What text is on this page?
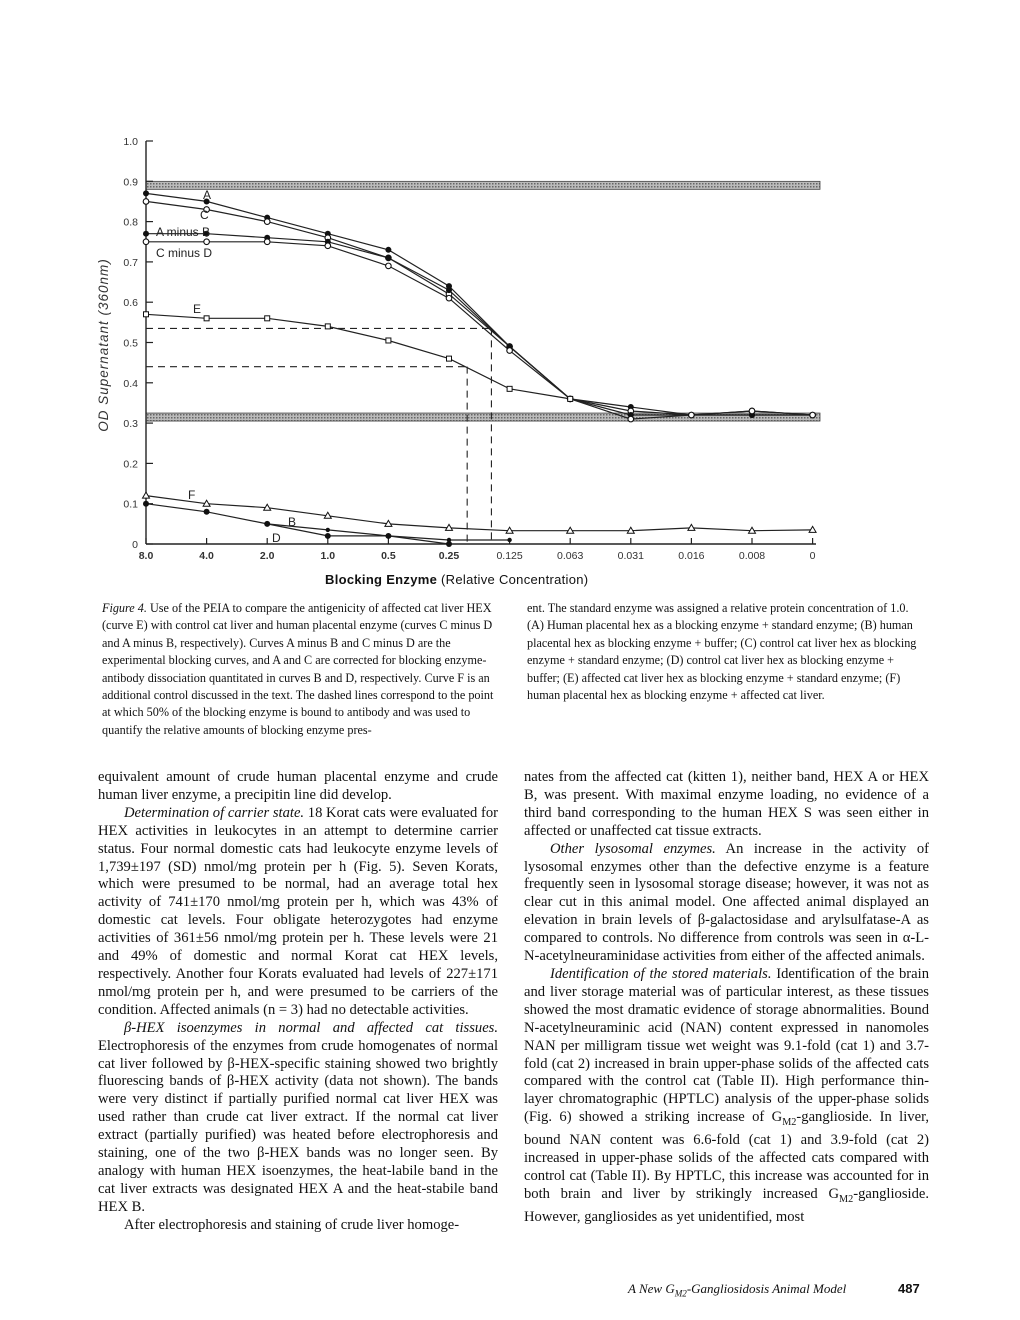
0
0.1
0.2
0.3
0.4
0.5
0.6
0.7
0.8
0.9
1.0
8.0	4.0	2.0	1.0	0.5	0.25	0.125	0.063	0.031	0.016	0.008	0
A
C
A minus B
C minus D
E
F
B
D
OD Supernatant (360nm)
Blocking Enzyme (Relative Concentration)
Figure 4. Use of the PEIA to compare the antigenicity of affected cat liver HEX (curve E) with control cat liver and human placental enzyme (curves C minus D and A minus B, respectively). Curves A minus B and C minus D are the experimental blocking curves, and A and C are corrected for blocking enzyme-antibody dissociation quantitated in curves B and D, respectively. Curve F is an additional control discussed in the text. The dashed lines correspond to the point at which 50% of the blocking enzyme is bound to antibody and was used to quantify the relative amounts of blocking enzyme pres-
ent. The standard enzyme was assigned a relative protein concentration of 1.0. (A) Human placental hex as a blocking enzyme + standard enzyme; (B) human placental hex as blocking enzyme + buffer; (C) control cat liver hex as blocking enzyme + standard enzyme; (D) control cat liver hex as blocking enzyme + buffer; (E) affected cat liver hex as blocking enzyme + standard enzyme; (F) human placental hex as blocking enzyme + affected cat liver.

equivalent amount of crude human placental enzyme and crude human liver enzyme, a precipitin line did develop.

Determination of carrier state. 18 Korat cats were evaluated for HEX activities in leukocytes in an attempt to determine carrier status. Four normal domestic cats had leukocyte enzyme levels of 1,739±197 (SD) nmol/mg protein per h (Fig. 5). Seven Korats, which were presumed to be normal, had an average total hex activity of 741±170 nmol/mg protein per h, which was 43% of domestic cat levels. Four obligate heterozygotes had enzyme activities of 361±56 nmol/mg protein per h. These levels were 21 and 49% of domestic and normal Korat cat HEX levels, respectively. Another four Korats evaluated had levels of 227±171 nmol/mg protein per h, and were presumed to be carriers of the condition. Affected animals (n = 3) had no detectable activities.

β-HEX isoenzymes in normal and affected cat tissues. Electrophoresis of the enzymes from crude homogenates of normal cat liver followed by β-HEX-specific staining showed two brightly fluorescing bands of β-HEX activity (data not shown). The bands were very distinct if partially purified normal cat liver HEX was used rather than crude cat liver extract. If the normal cat liver extract (partially purified) was heated before electrophoresis and staining, one of the two β-HEX bands was no longer seen. By analogy with human HEX isoenzymes, the heat-labile band in the cat liver extracts was designated HEX A and the heat-stabile band HEX B.

After electrophoresis and staining of crude liver homoge-

nates from the affected cat (kitten 1), neither band, HEX A or HEX B, was present. With maximal enzyme loading, no evidence of a third band corresponding to the human HEX S was seen either in affected or unaffected cat tissue extracts.

Other lysosomal enzymes. An increase in the activity of lysosomal enzymes other than the defective enzyme is a feature frequently seen in lysosomal storage disease; however, it was not as clear cut in this animal model. One affected animal displayed an elevation in brain levels of β-galactosidase and arylsulfatase-A as compared to controls. No difference from controls was seen in α-L-N-acetylneuraminidase activities from either of the affected animals.

Identification of the stored materials. Identification of the brain and liver storage material was of particular interest, as these tissues showed the most dramatic evidence of storage abnormalities. Bound N-acetylneuraminic acid (NAN) content expressed in nanomoles NAN per milligram tissue wet weight was 9.1-fold (cat 1) and 3.7-fold (cat 2) increased in brain upper-phase solids of the affected cats compared with the control cat (Table II). High performance thin-layer chromatographic (HPTLC) analysis of the upper-phase solids (Fig. 6) showed a striking increase of $G_{M2}$-ganglioside. In liver, bound NAN content was 6.6-fold (cat 1) and 3.9-fold (cat 2) increased in upper-phase solids of the affected cats compared with control cat (Table II). By HPTLC, this increase was accounted for in both brain and liver by strikingly increased $G_{M2}$-ganglioside. However, gangliosides as yet unidentified, most

A New $G_{M2}$-Gangliosidosis Animal Model	487
